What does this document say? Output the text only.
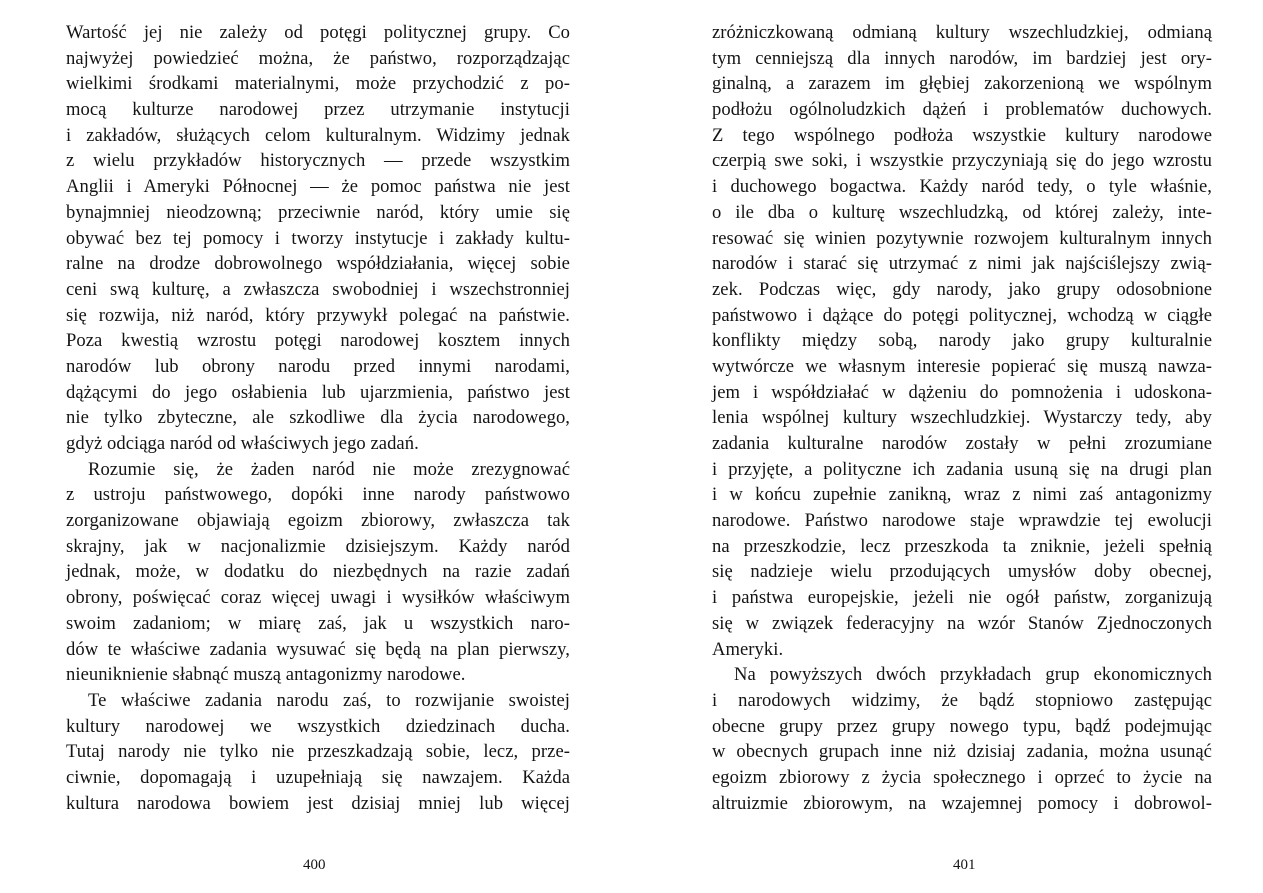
Wartość jej nie zależy od potęgi politycznej grupy. Co
najwyżej powiedzieć można, że państwo, rozporządzając
wielkimi środkami materialnymi, może przychodzić z po-
mocą kulturze narodowej przez utrzymanie instytucji
i zakładów, służących celom kulturalnym. Widzimy jednak
z wielu przykładów historycznych — przede wszystkim
Anglii i Ameryki Północnej — że pomoc państwa nie jest
bynajmniej nieodzowną; przeciwnie naród, który umie się
obywać bez tej pomocy i tworzy instytucje i zakłady kultu-
ralne na drodze dobrowolnego współdziałania, więcej sobie
ceni swą kulturę, a zwłaszcza swobodniej i wszechstronniej
się rozwija, niż naród, który przywykł polegać na państwie.
Poza kwestią wzrostu potęgi narodowej kosztem innych
narodów lub obrony narodu przed innymi narodami,
dążącymi do jego osłabienia lub ujarzmienia, państwo jest
nie tylko zbyteczne, ale szkodliwe dla życia narodowego,
gdyż odciąga naród od właściwych jego zadań.
Rozumie się, że żaden naród nie może zrezygnować
z ustroju państwowego, dopóki inne narody państwowo
zorganizowane objawiają egoizm zbiorowy, zwłaszcza tak
skrajny, jak w nacjonalizmie dzisiejszym. Każdy naród
jednak, może, w dodatku do niezbędnych na razie zadań
obrony, poświęcać coraz więcej uwagi i wysiłków właściwym
swoim zadaniom; w miarę zaś, jak u wszystkich naro-
dów te właściwe zadania wysuwać się będą na plan pierwszy,
nieuniknienie słabnąć muszą antagonizmy narodowe.
Te właściwe zadania narodu zaś, to rozwijanie swoistej
kultury narodowej we wszystkich dziedzinach ducha.
Tutaj narody nie tylko nie przeszkadzają sobie, lecz, prze-
ciwnie, dopomagają i uzupełniają się nawzajem. Każda
kultura narodowa bowiem jest dzisiaj mniej lub więcej
400
zróżniczkowaną odmianą kultury wszechludzkiej, odmianą
tym cenniejszą dla innych narodów, im bardziej jest ory-
ginalną, a zarazem im głębiej zakorzenioną we wspólnym
podłożu ogólnoludzkich dążeń i problematów duchowych.
Z tego wspólnego podłoża wszystkie kultury narodowe
czerpią swe soki, i wszystkie przyczyniają się do jego wzrostu
i duchowego bogactwa. Każdy naród tedy, o tyle właśnie,
o ile dba o kulturę wszechludzką, od której zależy, inte-
resować się winien pozytywnie rozwojem kulturalnym innych
narodów i starać się utrzymać z nimi jak najściślejszy zwią-
zek. Podczas więc, gdy narody, jako grupy odosobnione
państwowo i dążące do potęgi politycznej, wchodzą w ciągłe
konflikty między sobą, narody jako grupy kulturalnie
wytwórcze we własnym interesie popierać się muszą nawza-
jem i współdziałać w dążeniu do pomnożenia i udoskona-
lenia wspólnej kultury wszechludzkiej. Wystarczy tedy, aby
zadania kulturalne narodów zostały w pełni zrozumiane
i przyjęte, a polityczne ich zadania usuną się na drugi plan
i w końcu zupełnie zanikną, wraz z nimi zaś antagonizmy
narodowe. Państwo narodowe staje wprawdzie tej ewolucji
na przeszkodzie, lecz przeszkoda ta zniknie, jeżeli spełnią
się nadzieje wielu przodujących umysłów doby obecnej,
i państwa europejskie, jeżeli nie ogół państw, zorganizują
się w związek federacyjny na wzór Stanów Zjednoczonych
Ameryki.
Na powyższych dwóch przykładach grup ekonomicznych
i narodowych widzimy, że bądź stopniowo zastępując
obecne grupy przez grupy nowego typu, bądź podejmując
w obecnych grupach inne niż dzisiaj zadania, można usunąć
egoizm zbiorowy z życia społecznego i oprzeć to życie na
altruizmie zbiorowym, na wzajemnej pomocy i dobrowol-
401
